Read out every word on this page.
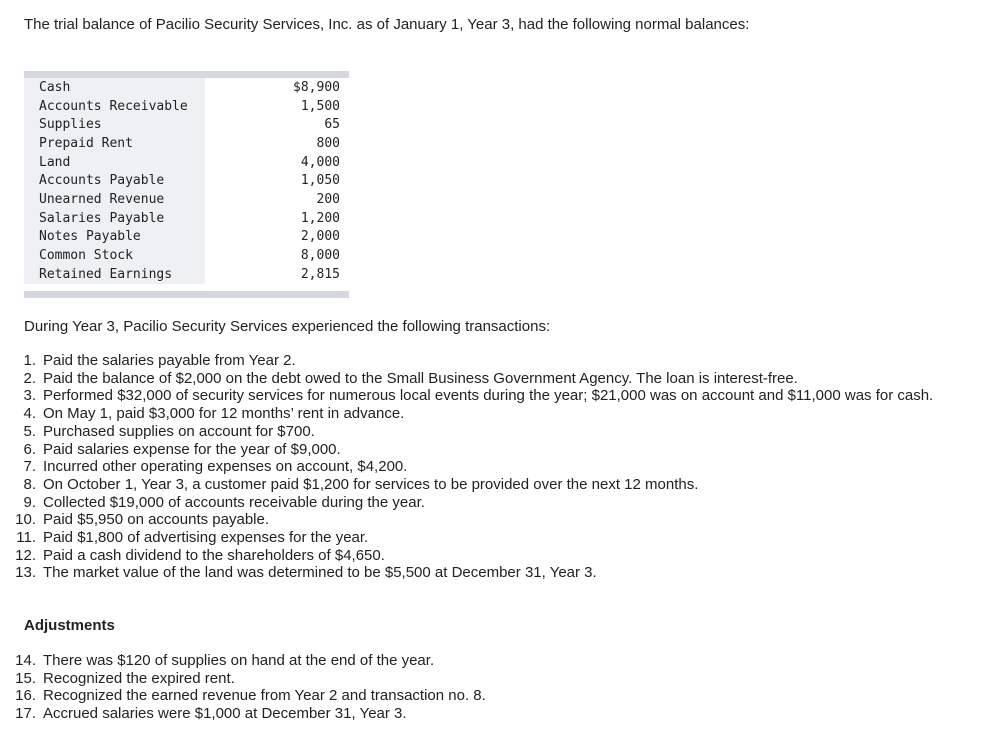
The trial balance of Pacilio Security Services, Inc. as of January 1, Year 3, had the following normal balances:
Cash	$8,900
Accounts Receivable	1,500
Supplies	65
Prepaid Rent	800
Land	4,000
Accounts Payable	1,050
Unearned Revenue	200
Salaries Payable	1,200
Notes Payable	2,000
Common Stock	8,000
Retained Earnings	2,815
During Year 3, Pacilio Security Services experienced the following transactions:
1. Paid the salaries payable from Year 2.
2. Paid the balance of $2,000 on the debt owed to the Small Business Government Agency. The loan is interest-free.
3. Performed $32,000 of security services for numerous local events during the year; $21,000 was on account and $11,000 was for cash.
4. On May 1, paid $3,000 for 12 months’ rent in advance.
5. Purchased supplies on account for $700.
6. Paid salaries expense for the year of $9,000.
7. Incurred other operating expenses on account, $4,200.
8. On October 1, Year 3, a customer paid $1,200 for services to be provided over the next 12 months.
9. Collected $19,000 of accounts receivable during the year.
10. Paid $5,950 on accounts payable.
11. Paid $1,800 of advertising expenses for the year.
12. Paid a cash dividend to the shareholders of $4,650.
13. The market value of the land was determined to be $5,500 at December 31, Year 3.
Adjustments
14. There was $120 of supplies on hand at the end of the year.
15. Recognized the expired rent.
16. Recognized the earned revenue from Year 2 and transaction no. 8.
17. Accrued salaries were $1,000 at December 31, Year 3.
